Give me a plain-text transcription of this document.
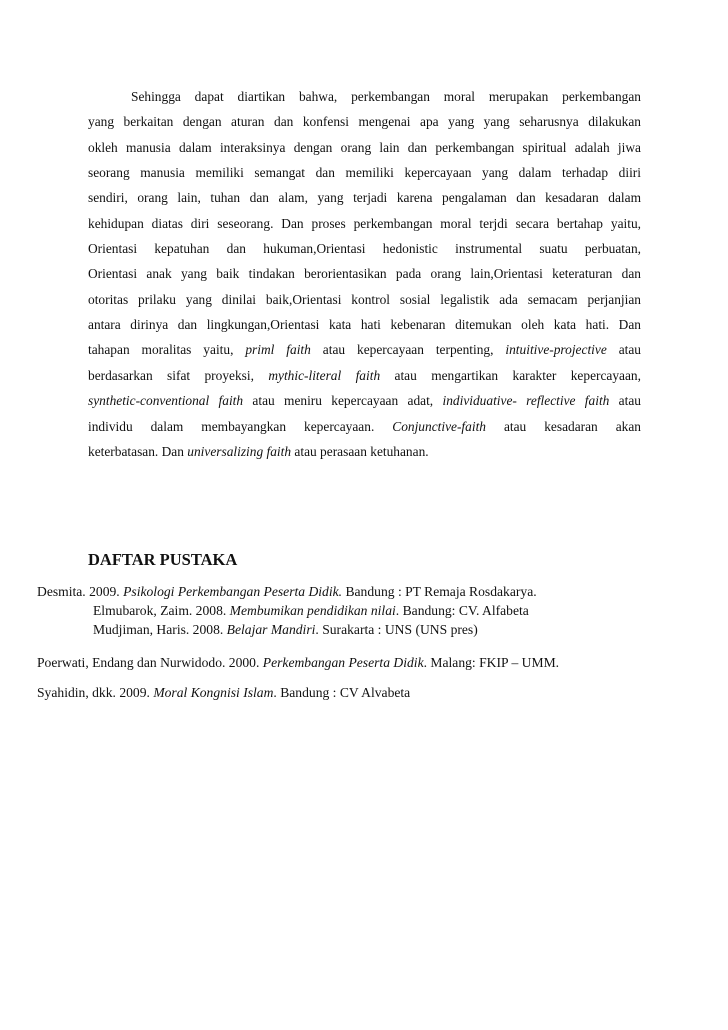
Sehingga dapat diartikan bahwa, perkembangan moral merupakan perkembangan
yang berkaitan dengan aturan dan konfensi mengenai apa yang yang seharusnya dilakukan
okleh manusia dalam interaksinya dengan orang lain dan perkembangan spiritual adalah jiwa
seorang manusia memiliki semangat dan memiliki kepercayaan yang dalam terhadap diiri
sendiri, orang lain, tuhan dan alam, yang terjadi karena pengalaman dan kesadaran dalam
kehidupan diatas diri seseorang. Dan proses perkembangan moral terjdi secara bertahap yaitu,
Orientasi kepatuhan dan hukuman,Orientasi hedonistic instrumental suatu perbuatan,
Orientasi anak yang baik tindakan berorientasikan pada orang lain,Orientasi keteraturan dan
otoritas prilaku yang dinilai baik,Orientasi kontrol sosial legalistik ada semacam perjanjian
antara dirinya dan lingkungan,Orientasi kata hati kebenaran ditemukan oleh kata hati. Dan
tahapan moralitas yaitu, priml faith atau kepercayaan terpenting, intuitive-projective atau
berdasarkan sifat proyeksi, mythic-literal faith atau mengartikan karakter kepercayaan,
synthetic-conventional faith atau meniru kepercayaan adat, individuative- reflective faith atau
individu dalam membayangkan kepercayaan. Conjunctive-faith atau kesadaran akan
keterbatasan. Dan universalizing faith atau perasaan ketuhanan.
DAFTAR PUSTAKA
Desmita. 2009. Psikologi Perkembangan Peserta Didik. Bandung : PT Remaja Rosdakarya.
Elmubarok, Zaim. 2008. Membumikan pendidikan nilai. Bandung: CV. Alfabeta
Mudjiman, Haris. 2008. Belajar Mandiri. Surakarta : UNS (UNS pres)
Poerwati, Endang dan Nurwidodo. 2000. Perkembangan Peserta Didik. Malang: FKIP – UMM.
Syahidin, dkk. 2009. Moral Kongnisi Islam. Bandung : CV Alvabeta
